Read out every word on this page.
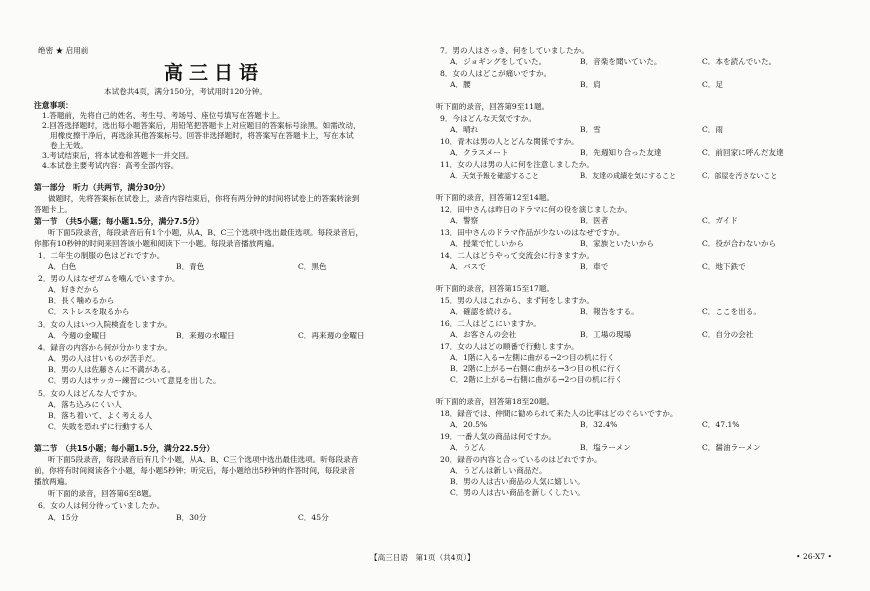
绝密 ★ 启用前
高三日语
本试卷共4页，满分150分，考试用时120分钟。
注意事项：
1.答题前，先将自己的姓名、考生号、考场号、座位号填写在答题卡上。
2.回答选择题时，选出每小题答案后，用铅笔把答题卡上对应题目的答案标号涂黑。如需改动，
用橡皮擦干净后，再选涂其他答案标号。回答非选择题时，将答案写在答题卡上，写在本试
卷上无效。
3.考试结束后，将本试卷和答题卡一并交回。
4.本试卷主要考试内容：高考全部内容。
第一部分　听力（共两节，满分30分）
做题时，先将答案标在试卷上，录音内容结束后，你将有两分钟的时间将试卷上的答案转涂到
答题卡上。
第一节　（共5小题；每小题1.5分，满分7.5分）
听下面5段录音，每段录音后有1个小题，从A、B、C三个选项中选出最佳选项。每段录音后，
你都有10秒钟的时间来回答该小题和阅读下一小题。每段录音播放两遍。
1．二年生の制服の色はどれですか。
A．白色	B．青色	C．黒色
2．男の人はなぜガムを噛んでいますか。
A．好きだから
B．長く噛めるから
C．ストレスを取るから
3．女の人はいつ入院検査をしますか。
A．今週の金曜日	B．来週の水曜日	C．再来週の金曜日
4．録音の内容から何が分かりますか。
A．男の人は甘いものが苦手だ。
B．男の人は佐藤さんに不満がある。
C．男の人はサッカー練習について意見を出した。
5．女の人はどんな人ですか。
A．落ち込みにくい人
B．落ち着いて、よく考える人
C．失敗を恐れずに行動する人
第二节　（共15小题；每小题1.5分，满分22.5分）
听下面5段录音，每段录音后有几个小题，从A、B、C三个选项中选出最佳选项。听每段录音
前，你将有时间阅读各个小题，每小题5秒钟；听完后，每小题给出5秒钟的作答时间，每段录音
播放两遍。
听下面的录音，回答第6至8题。
6．女の人は何分待っていましたか。
A．15分	B．30分	C．45分
7．男の人はさっき、何をしていましたか。
A．ジョギングをしていた。	B．音楽を聞いていた。	C．本を読んでいた。
8．女の人はどこが痛いですか。
A．腰	B．肩	C．足
听下面的录音，回答第9至11题。
9．今はどんな天気ですか。
A．晴れ	B．雪	C．雨
10．青木は男の人とどんな関係ですか。
A．クラスメート	B．先週知り合った友達	C．前回家に呼んだ友達
11．女の人は男の人に何を注意しましたか。
A．天気予報を確認すること	B．友達の成績を気にすること	C．部屋を汚さないこと
听下面的录音，回答第12至14题。
12．田中さんは昨日のドラマに何の役を演じましたか。
A．警察	B．医者	C．ガイド
13．田中さんのドラマ作品が少ないのはなぜですか。
A．授業で忙しいから	B．家族といたいから	C．役が合わないから
14．二人はどうやって交流会に行きますか。
A．バスで	B．車で	C．地下鉄で
听下面的录音，回答第15至17题。
15．男の人はこれから、まず何をしますか。
A．確認を続ける。	B．報告をする。	C．ここを出る。
16．二人はどこにいますか。
A．お客さんの会社	B．工場の現場	C．自分の会社
17．女の人はどの順番で行動しますか。
A．1階に入る→左側に曲がる→2つ目の机に行く
B．2階に上がる→右側に曲がる→3つ目の机に行く
C．2階に上がる→右側に曲がる→2つ目の机に行く
听下面的录音，回答第18至20题。
18．録音では、仲間に勧められて来た人の比率はどのぐらいですか。
A．20.5%	B．32.4%	C．47.1%
19．一番人気の商品は何ですか。
A．うどん	B．塩ラーメン	C．醤油ラーメン
20．録音の内容と合っているのはどれですか。
A．うどんは新しい商品だ。
B．男の人は古い商品の人気に嬉しい。
C．男の人は古い商品を新しくしたい。
【高三日语　第1页（共4页）】	• 26-X7 •
